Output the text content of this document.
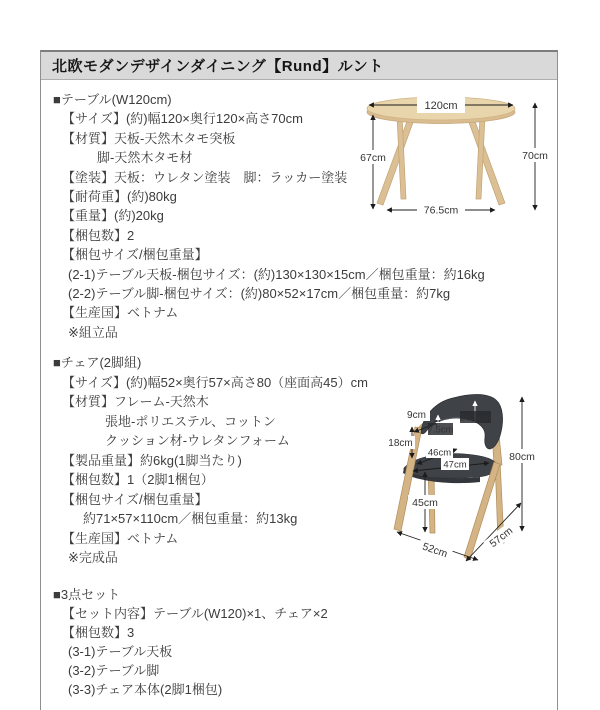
北欧モダンデザインダイニング【Rund】ルント
■テーブル(W120cm)
【サイズ】(約)幅120×奥行120×高さ70cm
【材質】天板-天然木タモ突板
脚-天然木タモ材
【塗装】天板：ウレタン塗装　脚：ラッカー塗装
【耐荷重】(約)80kg
【重量】(約)20kg
【梱包数】2
【梱包サイズ/梱包重量】
(2-1)テーブル天板-梱包サイズ：(約)130×130×15cm／梱包重量：約16kg
(2-2)テーブル脚-梱包サイズ：(約)80×52×17cm／梱包重量：約7kg
【生産国】ベトナム
※組立品
■チェア(2脚組)
【サイズ】(約)幅52×奥行57×高さ80（座面高45）cm
【材質】フレーム-天然木
張地-ポリエステル、コットン
クッション材-ウレタンフォーム
【製品重量】約6kg(1脚当たり)
【梱包数】1（2脚1梱包）
【梱包サイズ/梱包重量】
約71×57×110cm／梱包重量：約13kg
【生産国】ベトナム
※完成品
■3点セット
【セット内容】テーブル(W120)×1、チェア×2
【梱包数】3
(3-1)テーブル天板
(3-2)テーブル脚
(3-3)チェア本体(2脚1梱包)
120cm
67cm	70cm
76.5cm
9cm
18cm
26.5cm
7.5cm
46cm
47cm
80cm
45cm
52cm
57cm
